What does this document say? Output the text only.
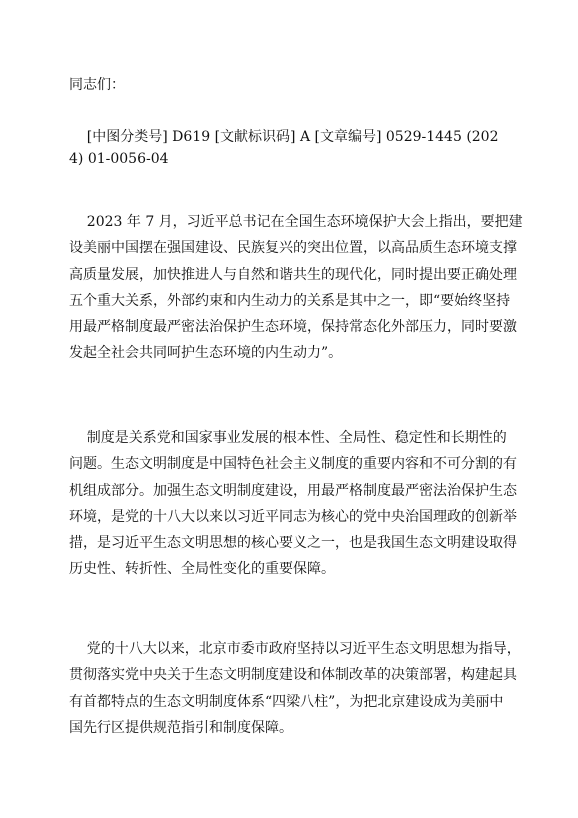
同志们：
[中图分类号] D619 [文献标识码] A [文章编号] 0529-1445 (202
4) 01-0056-04
2023 年 7 月，习近平总书记在全国生态环境保护大会上指出，要把建
设美丽中国摆在强国建设、民族复兴的突出位置，以高品质生态环境支撑
高质量发展，加快推进人与自然和谐共生的现代化，同时提出要正确处理
五个重大关系，外部约束和内生动力的关系是其中之一，即“要始终坚持
用最严格制度最严密法治保护生态环境，保持常态化外部压力，同时要激
发起全社会共同呵护生态环境的内生动力”。
制度是关系党和国家事业发展的根本性、全局性、稳定性和长期性的
问题。生态文明制度是中国特色社会主义制度的重要内容和不可分割的有
机组成部分。加强生态文明制度建设，用最严格制度最严密法治保护生态
环境，是党的十八大以来以习近平同志为核心的党中央治国理政的创新举
措，是习近平生态文明思想的核心要义之一，也是我国生态文明建设取得
历史性、转折性、全局性变化的重要保障。
党的十八大以来，北京市委市政府坚持以习近平生态文明思想为指导，
贯彻落实党中央关于生态文明制度建设和体制改革的决策部署，构建起具
有首都特点的生态文明制度体系“四梁八柱”，为把北京建设成为美丽中
国先行区提供规范指引和制度保障。
